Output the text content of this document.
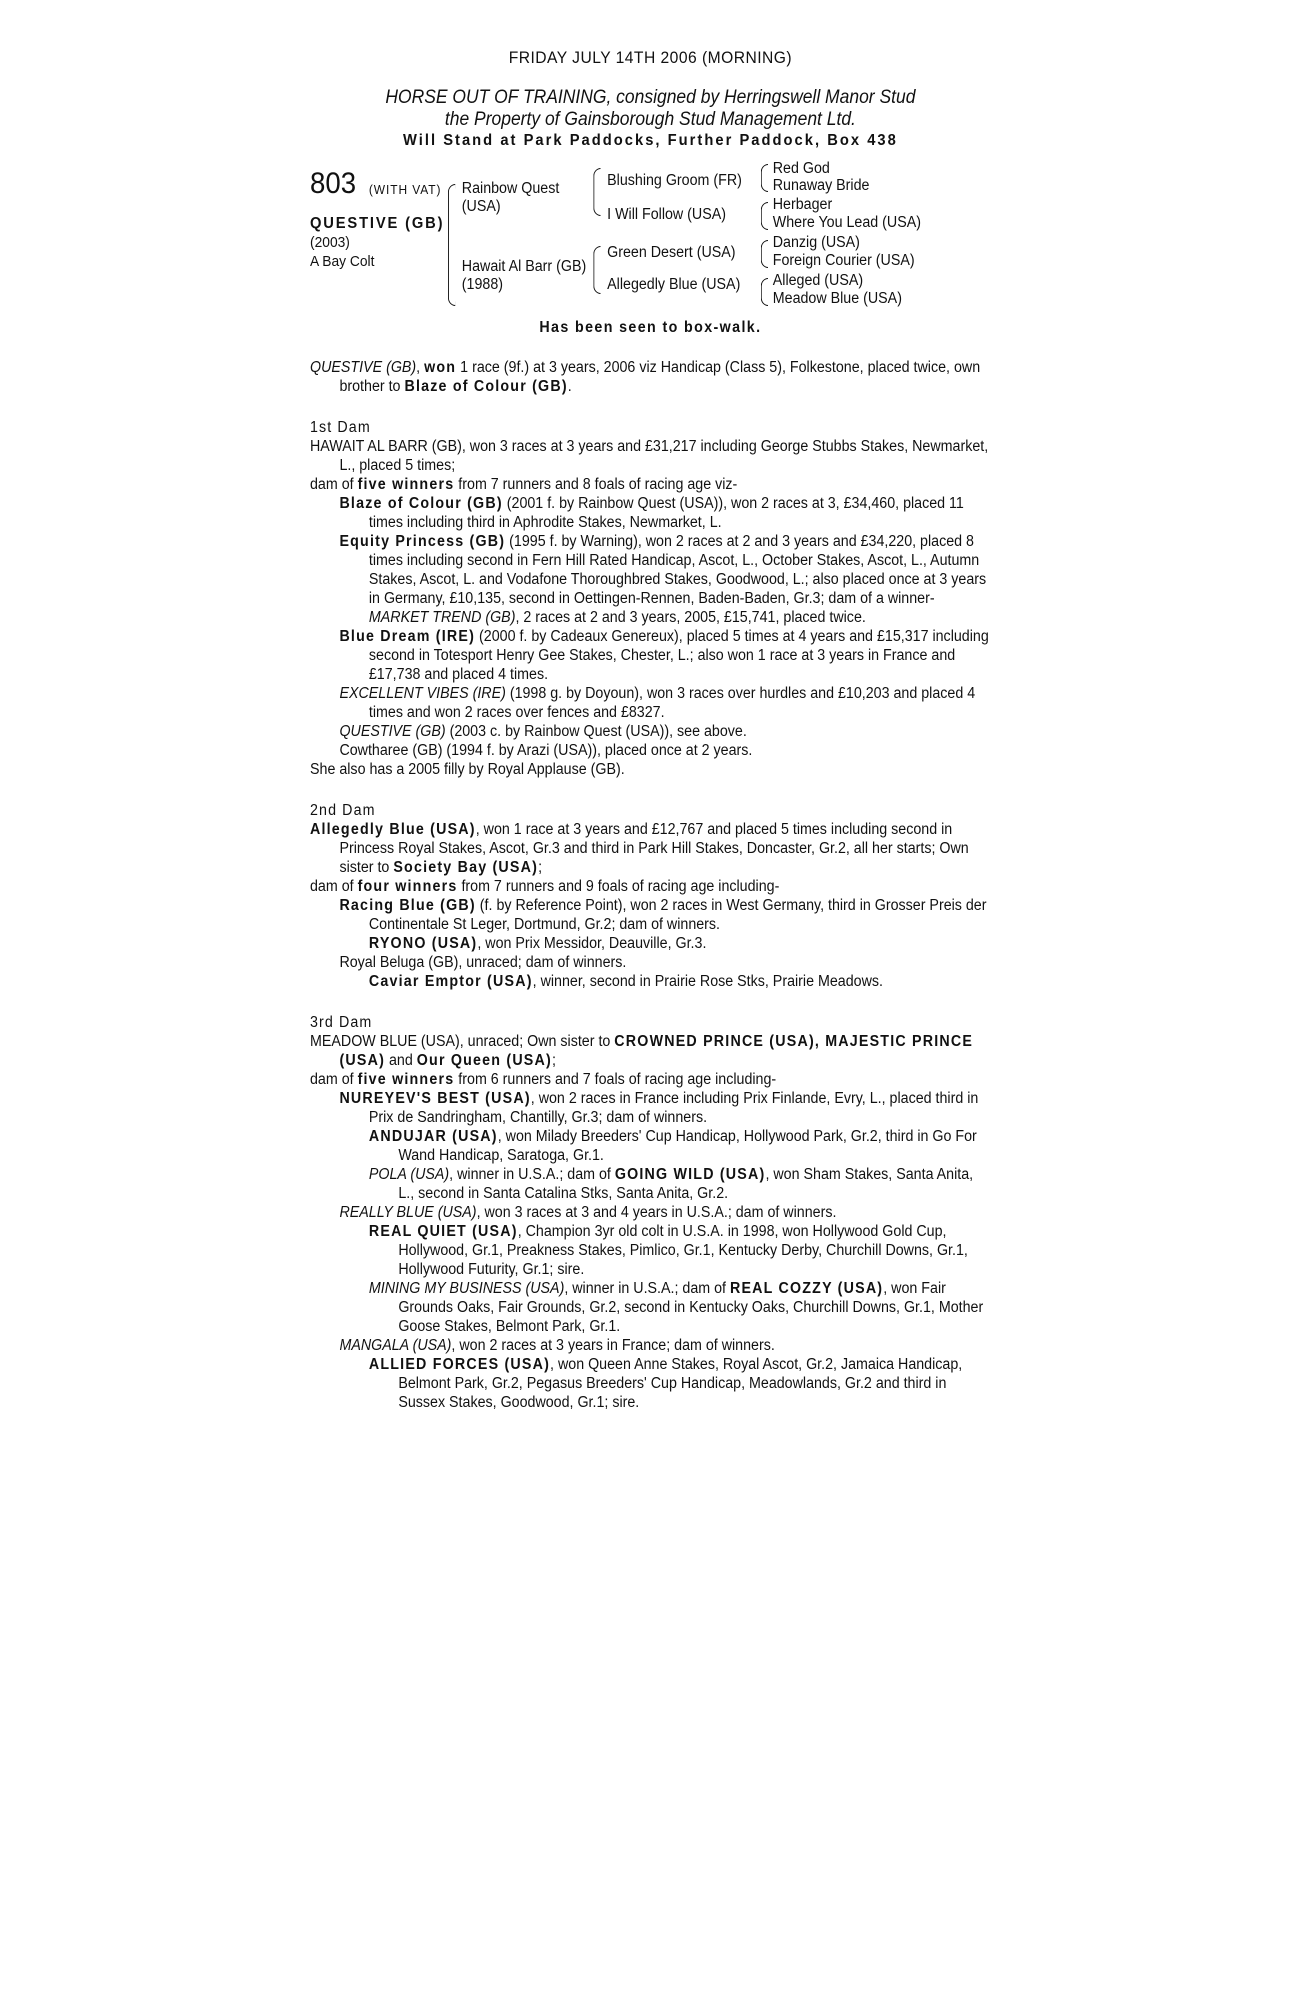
FRIDAY JULY 14TH 2006 (MORNING)

HORSE OUT OF TRAINING, consigned by Herringswell Manor Stud

the Property of Gainsborough Stud Management Ltd.

Will Stand at Park Paddocks, Further Paddock, Box 438

803 (WITH VAT)
QUESTIVE (GB)
(2003)
A Bay Colt
Rainbow Quest
(USA)
Hawait Al Barr (GB)
(1988)
Blushing Groom (FR)
I Will Follow (USA)
Green Desert (USA)
Allegedly Blue (USA)
Red God
Runaway Bride
Herbager
Where You Lead (USA)
Danzig (USA)
Foreign Courier (USA)
Alleged (USA)
Meadow Blue (USA)

Has been seen to box-walk.

QUESTIVE (GB), won 1 race (9f.) at 3 years, 2006 viz Handicap (Class 5), Folkestone, placed twice, own brother to Blaze of Colour (GB).

1st Dam

HAWAIT AL BARR (GB), won 3 races at 3 years and £31,217 including George Stubbs Stakes, Newmarket, L., placed 5 times;

dam of five winners from 7 runners and 8 foals of racing age viz-

Blaze of Colour (GB) (2001 f. by Rainbow Quest (USA)), won 2 races at 3, £34,460, placed 11 times including third in Aphrodite Stakes, Newmarket, L.

Equity Princess (GB) (1995 f. by Warning), won 2 races at 2 and 3 years and £34,220, placed 8 times including second in Fern Hill Rated Handicap, Ascot, L., October Stakes, Ascot, L., Autumn Stakes, Ascot, L. and Vodafone Thoroughbred Stakes, Goodwood, L.; also placed once at 3 years in Germany, £10,135, second in Oettingen-Rennen, Baden-Baden, Gr.3; dam of a winner-

MARKET TREND (GB), 2 races at 2 and 3 years, 2005, £15,741, placed twice.

Blue Dream (IRE) (2000 f. by Cadeaux Genereux), placed 5 times at 4 years and £15,317 including second in Totesport Henry Gee Stakes, Chester, L.; also won 1 race at 3 years in France and £17,738 and placed 4 times.

EXCELLENT VIBES (IRE) (1998 g. by Doyoun), won 3 races over hurdles and £10,203 and placed 4 times and won 2 races over fences and £8327.

QUESTIVE (GB) (2003 c. by Rainbow Quest (USA)), see above.

Cowtharee (GB) (1994 f. by Arazi (USA)), placed once at 2 years.

She also has a 2005 filly by Royal Applause (GB).

2nd Dam

Allegedly Blue (USA), won 1 race at 3 years and £12,767 and placed 5 times including second in Princess Royal Stakes, Ascot, Gr.3 and third in Park Hill Stakes, Doncaster, Gr.2, all her starts; Own sister to Society Bay (USA);

dam of four winners from 7 runners and 9 foals of racing age including-

Racing Blue (GB) (f. by Reference Point), won 2 races in West Germany, third in Grosser Preis der Continentale St Leger, Dortmund, Gr.2; dam of winners.

RYONO (USA), won Prix Messidor, Deauville, Gr.3.

Royal Beluga (GB), unraced; dam of winners.

Caviar Emptor (USA), winner, second in Prairie Rose Stks, Prairie Meadows.

3rd Dam

MEADOW BLUE (USA), unraced; Own sister to CROWNED PRINCE (USA), MAJESTIC PRINCE (USA) and Our Queen (USA);

dam of five winners from 6 runners and 7 foals of racing age including-

NUREYEV'S BEST (USA), won 2 races in France including Prix Finlande, Evry, L., placed third in Prix de Sandringham, Chantilly, Gr.3; dam of winners.

ANDUJAR (USA), won Milady Breeders' Cup Handicap, Hollywood Park, Gr.2, third in Go For Wand Handicap, Saratoga, Gr.1.

POLA (USA), winner in U.S.A.; dam of GOING WILD (USA), won Sham Stakes, Santa Anita, L., second in Santa Catalina Stks, Santa Anita, Gr.2.

REALLY BLUE (USA), won 3 races at 3 and 4 years in U.S.A.; dam of winners.

REAL QUIET (USA), Champion 3yr old colt in U.S.A. in 1998, won Hollywood Gold Cup, Hollywood, Gr.1, Preakness Stakes, Pimlico, Gr.1, Kentucky Derby, Churchill Downs, Gr.1, Hollywood Futurity, Gr.1; sire.

MINING MY BUSINESS (USA), winner in U.S.A.; dam of REAL COZZY (USA), won Fair Grounds Oaks, Fair Grounds, Gr.2, second in Kentucky Oaks, Churchill Downs, Gr.1, Mother Goose Stakes, Belmont Park, Gr.1.

MANGALA (USA), won 2 races at 3 years in France; dam of winners.

ALLIED FORCES (USA), won Queen Anne Stakes, Royal Ascot, Gr.2, Jamaica Handicap, Belmont Park, Gr.2, Pegasus Breeders' Cup Handicap, Meadowlands, Gr.2 and third in Sussex Stakes, Goodwood, Gr.1; sire.
